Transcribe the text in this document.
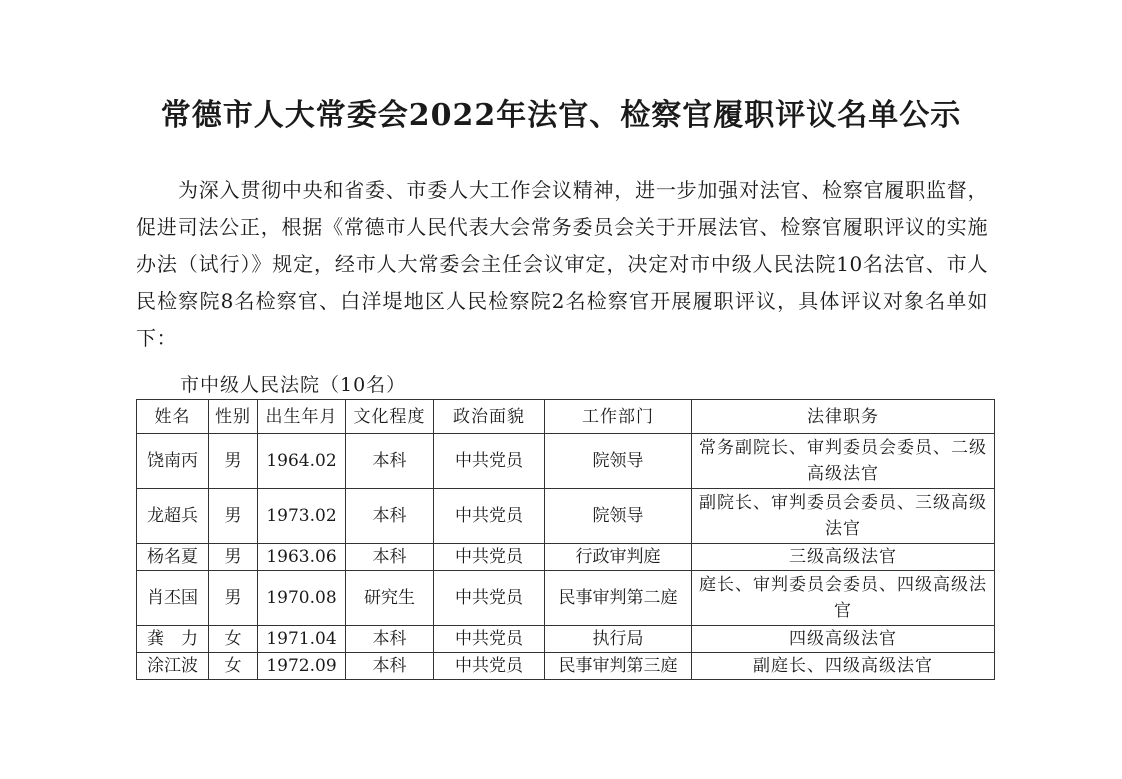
常德市人大常委会2022年法官、检察官履职评议名单公示
为深入贯彻中央和省委、市委人大工作会议精神，进一步加强对法官、检察官履职监督，促进司法公正，根据《常德市人民代表大会常务委员会关于开展法官、检察官履职评议的实施办法（试行）》规定，经市人大常委会主任会议审定，决定对市中级人民法院10名法官、市人民检察院8名检察官、白洋堤地区人民检察院2名检察官开展履职评议，具体评议对象名单如下：
市中级人民法院（10名）
姓名	性别	出生年月	文化程度	政治面貌	工作部门	法律职务
饶南丙	男	1964.02	本科	中共党员	院领导	常务副院长、审判委员会委员、二级高级法官
龙超兵	男	1973.02	本科	中共党员	院领导	副院长、审判委员会委员、三级高级法官
杨名夏	男	1963.06	本科	中共党员	行政审判庭	三级高级法官
肖丕国	男	1970.08	研究生	中共党员	民事审判第二庭	庭长、审判委员会委员、四级高级法官
龚　力	女	1971.04	本科	中共党员	执行局	四级高级法官
涂江波	女	1972.09	本科	中共党员	民事审判第三庭	副庭长、四级高级法官
